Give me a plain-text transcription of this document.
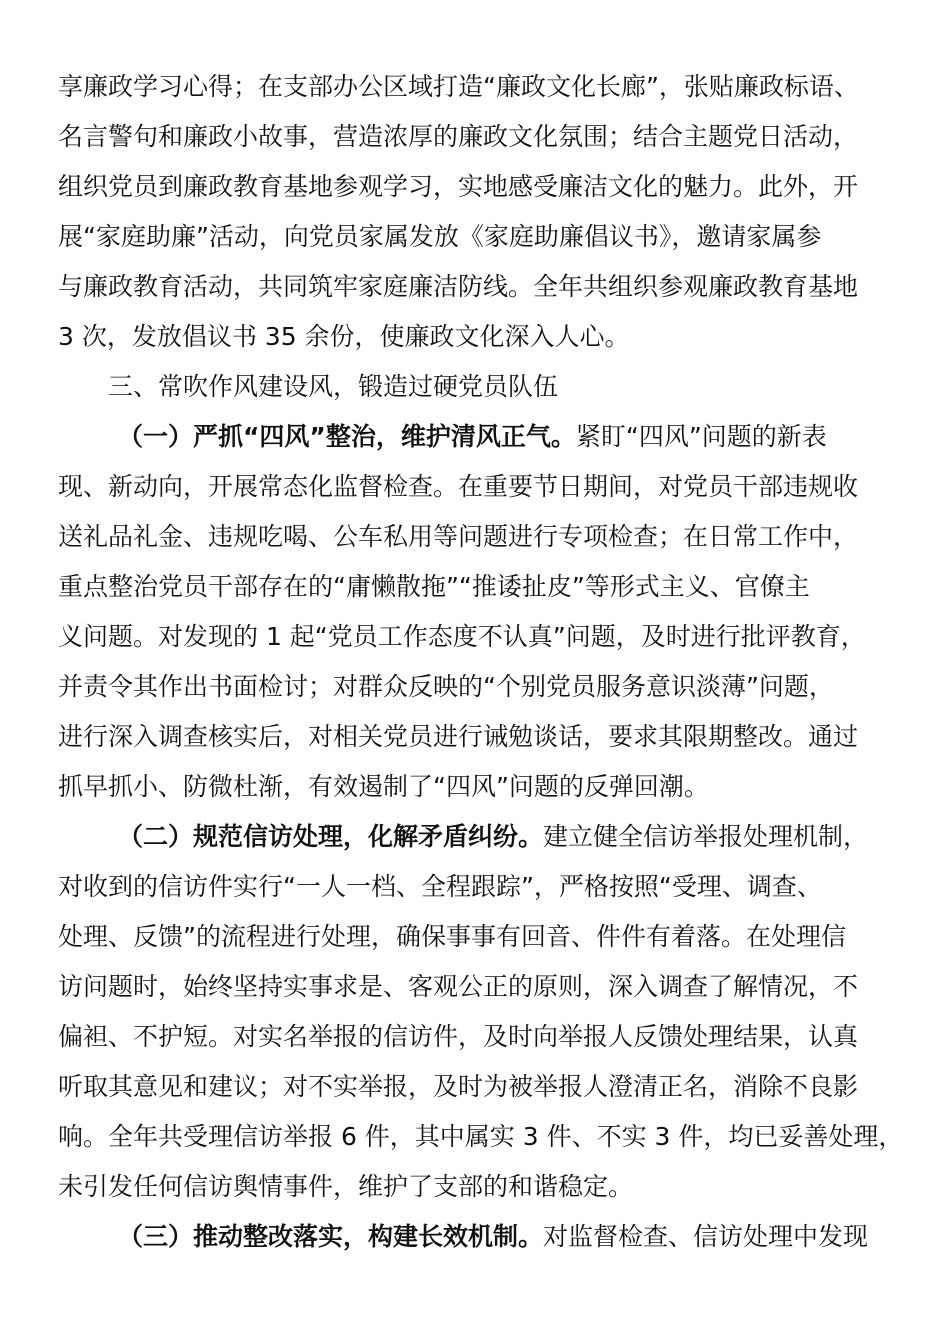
享廉政学习心得；在支部办公区域打造“廉政文化长廊”，张贴廉政标语、
名言警句和廉政小故事，营造浓厚的廉政文化氛围；结合主题党日活动，
组织党员到廉政教育基地参观学习，实地感受廉洁文化的魅力。此外，开
展“家庭助廉”活动，向党员家属发放《家庭助廉倡议书》，邀请家属参
与廉政教育活动，共同筑牢家庭廉洁防线。全年共组织参观廉政教育基地
3 次，发放倡议书 35 余份，使廉政文化深入人心。
三、常吹作风建设风，锻造过硬党员队伍
（一）严抓“四风”整治，维护清风正气。紧盯“四风”问题的新表
现、新动向，开展常态化监督检查。在重要节日期间，对党员干部违规收
送礼品礼金、违规吃喝、公车私用等问题进行专项检查；在日常工作中，
重点整治党员干部存在的“庸懒散拖”“推诿扯皮”等形式主义、官僚主
义问题。对发现的 1 起“党员工作态度不认真”问题，及时进行批评教育，
并责令其作出书面检讨；对群众反映的“个别党员服务意识淡薄”问题，
进行深入调查核实后，对相关党员进行诫勉谈话，要求其限期整改。通过
抓早抓小、防微杜渐，有效遏制了“四风”问题的反弹回潮。
（二）规范信访处理，化解矛盾纠纷。建立健全信访举报处理机制，
对收到的信访件实行“一人一档、全程跟踪”，严格按照“受理、调查、
处理、反馈”的流程进行处理，确保事事有回音、件件有着落。在处理信
访问题时，始终坚持实事求是、客观公正的原则，深入调查了解情况，不
偏袒、不护短。对实名举报的信访件，及时向举报人反馈处理结果，认真
听取其意见和建议；对不实举报，及时为被举报人澄清正名，消除不良影
响。全年共受理信访举报 6 件，其中属实 3 件、不实 3 件，均已妥善处理，
未引发任何信访舆情事件，维护了支部的和谐稳定。
（三）推动整改落实，构建长效机制。对监督检查、信访处理中发现
